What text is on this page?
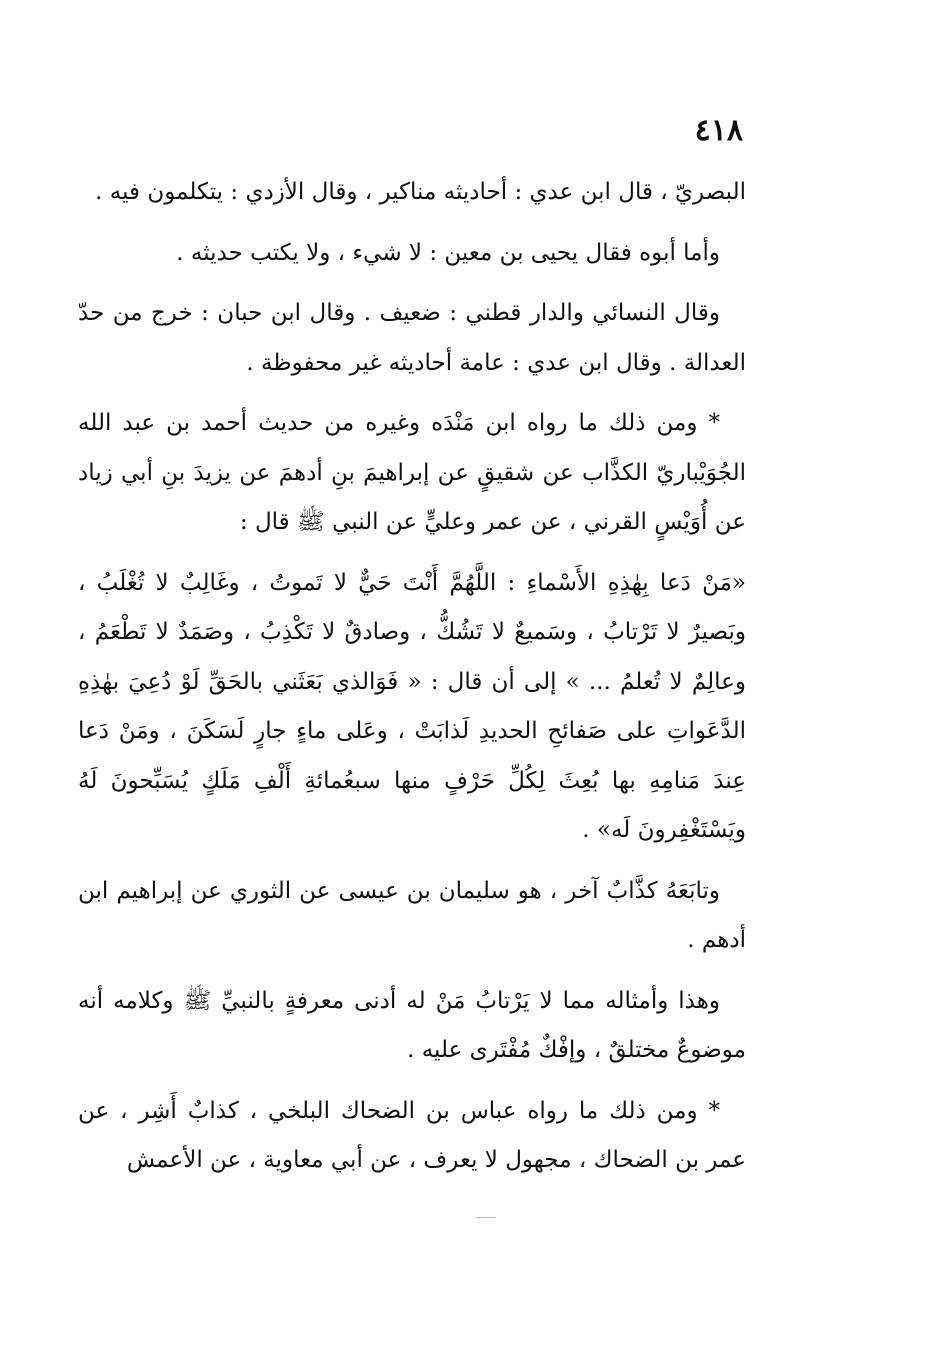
٤١٨

البصريّ ، قال ابن عدي : أحاديثه مناكير ، وقال الأزدي : يتكلمون فيه .

وأما أبوه فقال يحيى بن معين : لا شيء ، ولا يكتب حديثه .

وقال النسائي والدار قطني : ضعيف . وقال ابن حبان : خرج من حدّ العدالة . وقال ابن عدي : عامة أحاديثه غير محفوظة .

* ومن ذلك ما رواه ابن مَنْدَه وغيره من حديث أحمد بن عبد الله الجُوَيْباريّ الكذَّاب عن شقيقٍ عن إبراهيمَ بنِ أدهمَ عن يزيدَ بنِ أبي زياد عن أُوَيْسٍ القرني ، عن عمر وعليٍّ عن النبي ﷺ قال :

«مَنْ دَعا بِهٰذِهِ الأَسْماءِ : اللَّهُمَّ أَنْتَ حَيٌّ لا تَموتُ ، وغَالِبٌ لا تُغْلَبُ ، وبَصيرٌ لا تَرْتابُ ، وسَميعٌ لا تَشُكُّ ، وصادقٌ لا تَكْذِبُ ، وصَمَدٌ لا تَطْعَمُ ، وعالِمٌ لا تُعلمُ ... » إلى أن قال : « فَوَالذي بَعَثَني بالحَقِّ لَوْ دُعِيَ بهٰذِهِ الدَّعَواتِ على صَفائحِ الحديدِ لَذابَتْ ، وعَلى ماءٍ جارٍ لَسَكَنَ ، ومَنْ دَعا عِندَ مَنامِهِ بها بُعِثَ لِكُلِّ حَرْفٍ منها سبعُمائةِ أَلْفِ مَلَكٍ يُسَبِّحونَ لَهُ ويَسْتَغْفِرونَ لَه» .

وتابَعَهُ كذَّابٌ آخر ، هو سليمان بن عيسى عن الثوري عن إبراهيم ابن أدهم .

وهذا وأمثاله مما لا يَرْتابُ مَنْ له أدنى معرفةٍ بالنبيِّ ﷺ وكلامه أنه موضوعٌ مختلقٌ ، وإفْكٌ مُفْتَرى عليه .

* ومن ذلك ما رواه عباس بن الضحاك البلخي ، كذابٌ أَشِر ، عن عمر بن الضحاك ، مجهول لا يعرف ، عن أبي معاوية ، عن الأعمش
